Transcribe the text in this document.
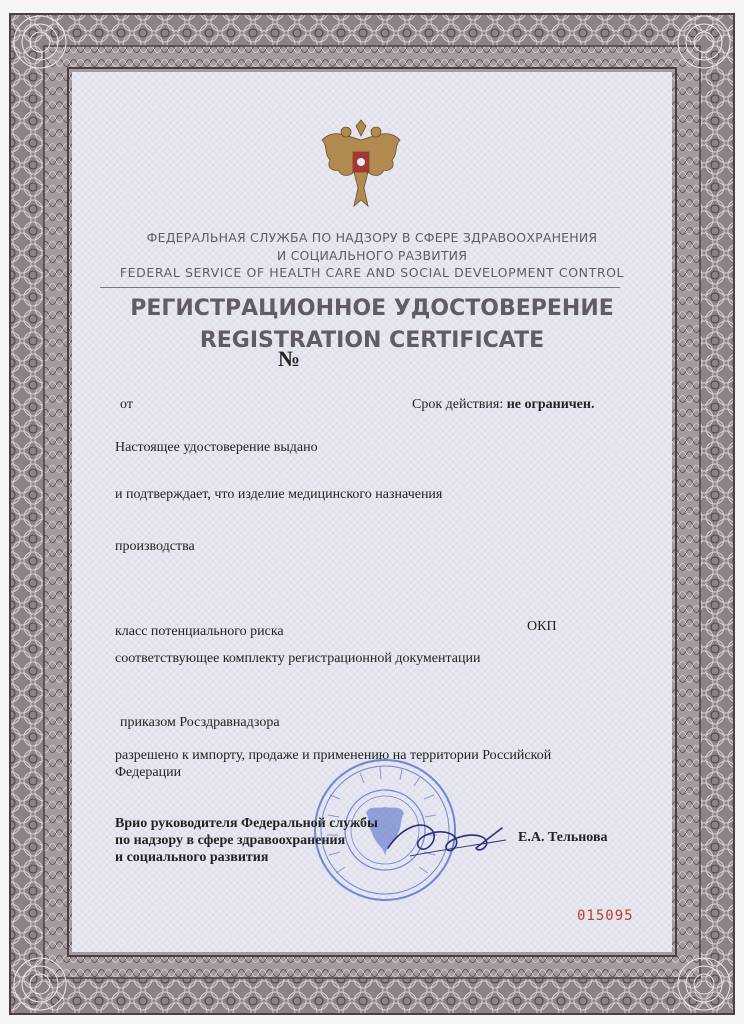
ФЕДЕРАЛЬНАЯ СЛУЖБА ПО НАДЗОРУ В СФЕРЕ ЗДРАВООХРАНЕНИЯ
И СОЦИАЛЬНОГО РАЗВИТИЯ
FEDERAL SERVICE OF HEALTH CARE AND SOCIAL DEVELOPMENT CONTROL
РЕГИСТРАЦИОННОЕ УДОСТОВЕРЕНИЕ
REGISTRATION CERTIFICATE
№
от	Срок действия: не ограничен.
Настоящее удостоверение выдано
и подтверждает, что изделие медицинского назначения
производства
класс потенциального риска	ОКП
соответствующее комплекту регистрационной документации
приказом Росздравнадзора
разрешено к импорту, продаже и применению на территории Российской Федерации
Врио руководителя Федеральной службы
по надзору в сфере здравоохранения
и социального развития
Е.А. Тельнова
015095
